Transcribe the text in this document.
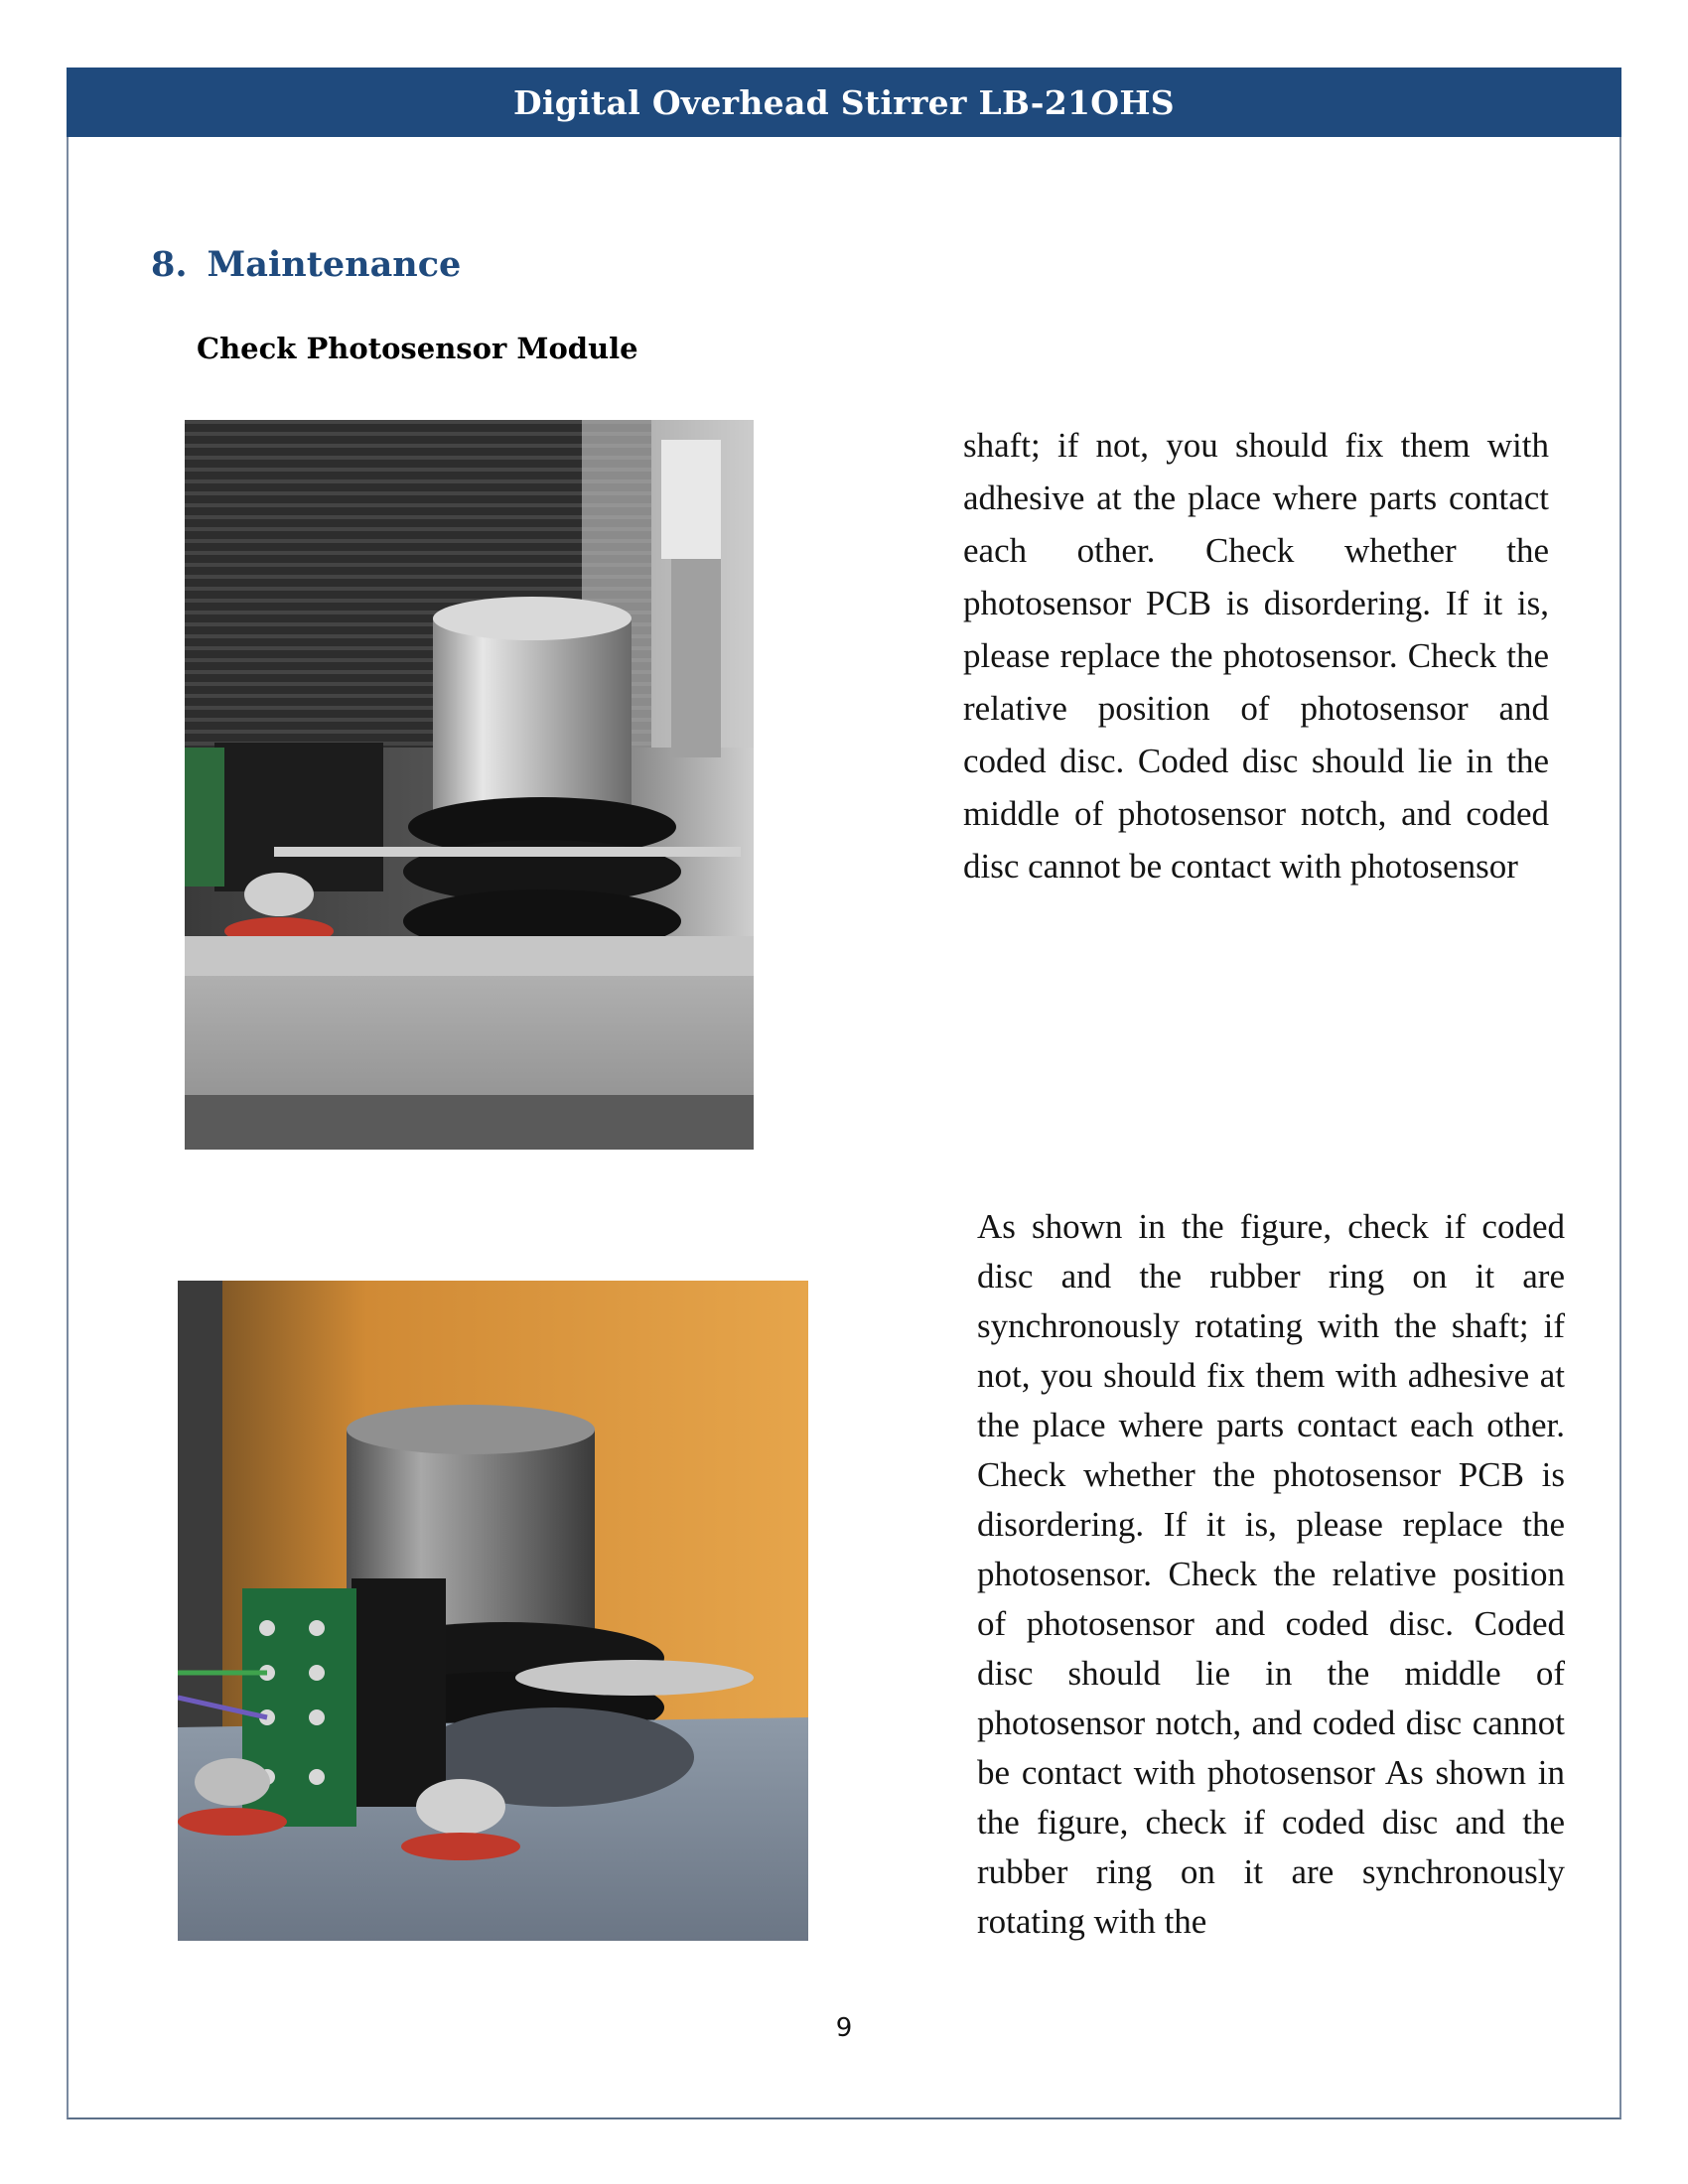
Digital Overhead Stirrer LB-21OHS
8. Maintenance
Check Photosensor Module
shaft; if not, you should fix them with adhesive at the place where parts contact each other. Check whether the photosensor PCB is disordering. If it is, please replace the photosensor. Check the relative position of photosensor and coded disc. Coded disc should lie in the middle of photosensor notch, and coded disc cannot be contact with photosensor
As shown in the figure, check if coded disc and the rubber ring on it are synchronously rotating with the shaft; if not, you should fix them with adhesive at the place where parts contact each other. Check whether the photosensor PCB is disordering. If it is, please replace the photosensor. Check the relative position of photosensor and coded disc. Coded disc should lie in the middle of photosensor notch, and coded disc cannot be contact with photosensor As shown in the figure, check if coded disc and the rubber ring on it are synchronously rotating with the
9
